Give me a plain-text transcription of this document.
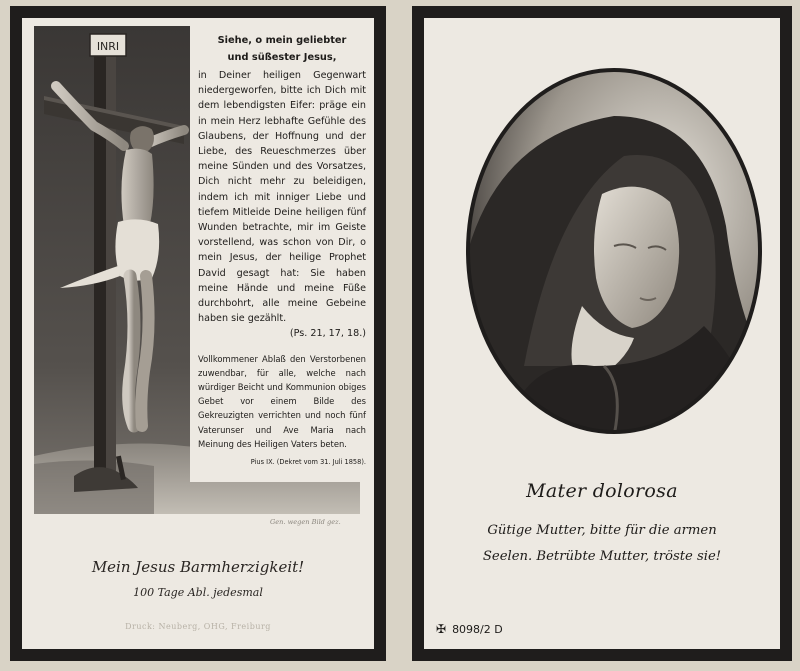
INRI	Siehe, o mein geliebter
und süßester Jesus,

in Deiner heiligen Gegenwart niedergeworfen, bitte ich Dich mit dem lebendigsten Eifer: präge ein in mein Herz lebhafte Gefühle des Glaubens, der Hoffnung und der Liebe, des Reueschmerzes über meine Sünden und des Vorsatzes, Dich nicht mehr zu beleidigen, indem ich mit inniger Liebe und tiefem Mitleide Deine heiligen fünf Wunden betrachte, mir im Geiste vorstellend, was schon von Dir, o mein Jesus, der heilige Prophet David gesagt hat: Sie haben meine Hände und meine Füße durchbohrt, alle meine Gebeine haben sie gezählt.
(Ps. 21, 17, 18.)

Vollkommener Ablaß den Verstorbenen zuwendbar, für alle, welche nach würdiger Beicht und Kommunion obiges Gebet vor einem Bilde des Gekreuzigten verrichten und noch fünf Vaterunser und Ave Maria nach Meinung des Heiligen Vaters beten.
Pius IX. (Dekret vom 31. Juli 1858).
Gen. wegen Bild gez.
Mein Jesus Barmherzigkeit!
100 Tage Abl. jedesmal
Druck: Neuberg, OHG, Freiburg
Mater dolorosa
Gütige Mutter, bitte für die armen
Seelen. Betrübte Mutter, tröste sie!
✠ 8098/2 D
